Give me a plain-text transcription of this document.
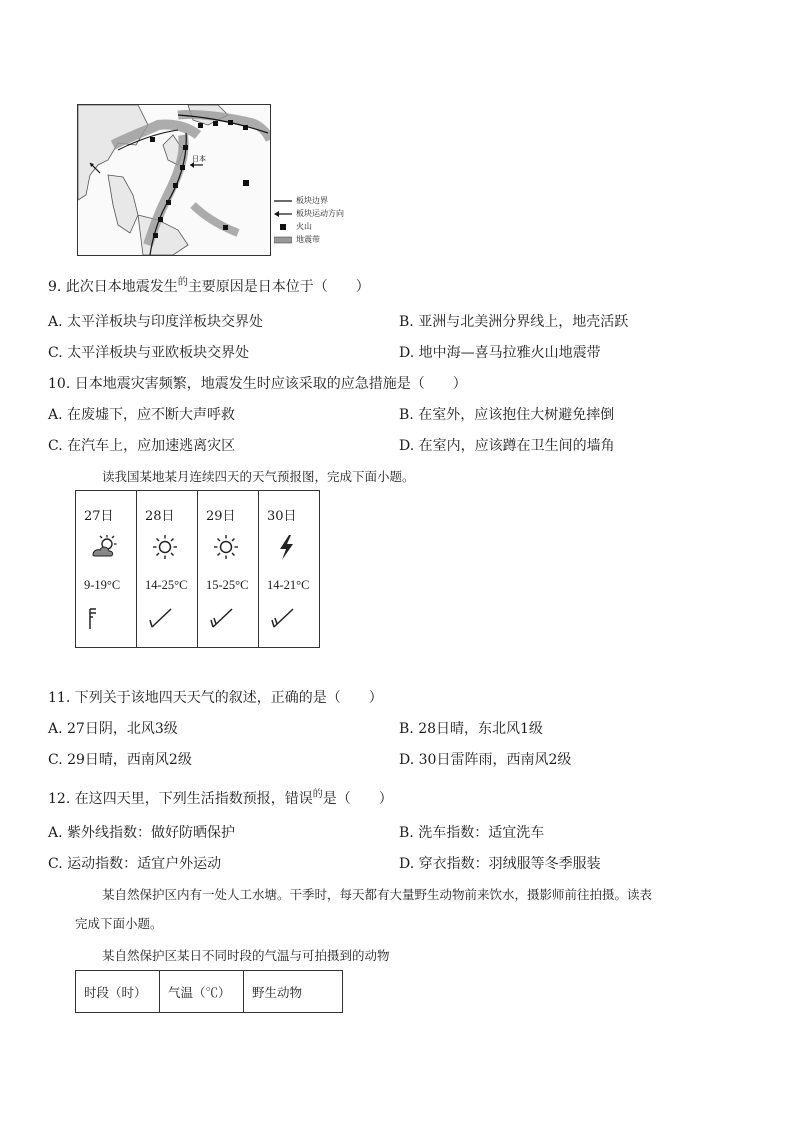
日本
板块边界
板块运动方向
火山
地震带
9. 此次日本地震发生$^的$主要原因是日本位于（　　）
A. 太平洋板块与印度洋板块交界处	B. 亚洲与北美洲分界线上，地壳活跃
C. 太平洋板块与亚欧板块交界处	D. 地中海—喜马拉雅火山地震带
10. 日本地震灾害频繁，地震发生时应该采取的应急措施是（　　）
A. 在废墟下，应不断大声呼救	B. 在室外，应该抱住大树避免摔倒
C. 在汽车上，应加速逃离灾区	D. 在室内，应该蹲在卫生间的墙角
读我国某地某月连续四天的天气预报图，完成下面小题。
27日
9-19°C
28日
14-25°C
29日
15-25°C
30日
14-21°C
11. 下列关于该地四天天气的叙述，正确的是（　　）
A. 27日阴，北风3级	B. 28日晴，东北风1级
C. 29日晴，西南风2级	D. 30日雷阵雨，西南风2级
12. 在这四天里，下列生活指数预报，错误$^的$是（　　）
A. 紫外线指数：做好防晒保护	B. 洗车指数：适宜洗车
C. 运动指数：适宜户外运动	D. 穿衣指数：羽绒服等冬季服装
某自然保护区内有一处人工水塘。干季时，每天都有大量野生动物前来饮水，摄影师前往拍摄。读表
完成下面小题。
某自然保护区某日不同时段的气温与可拍摄到的动物
时段（时）	气温（℃）	野生动物
